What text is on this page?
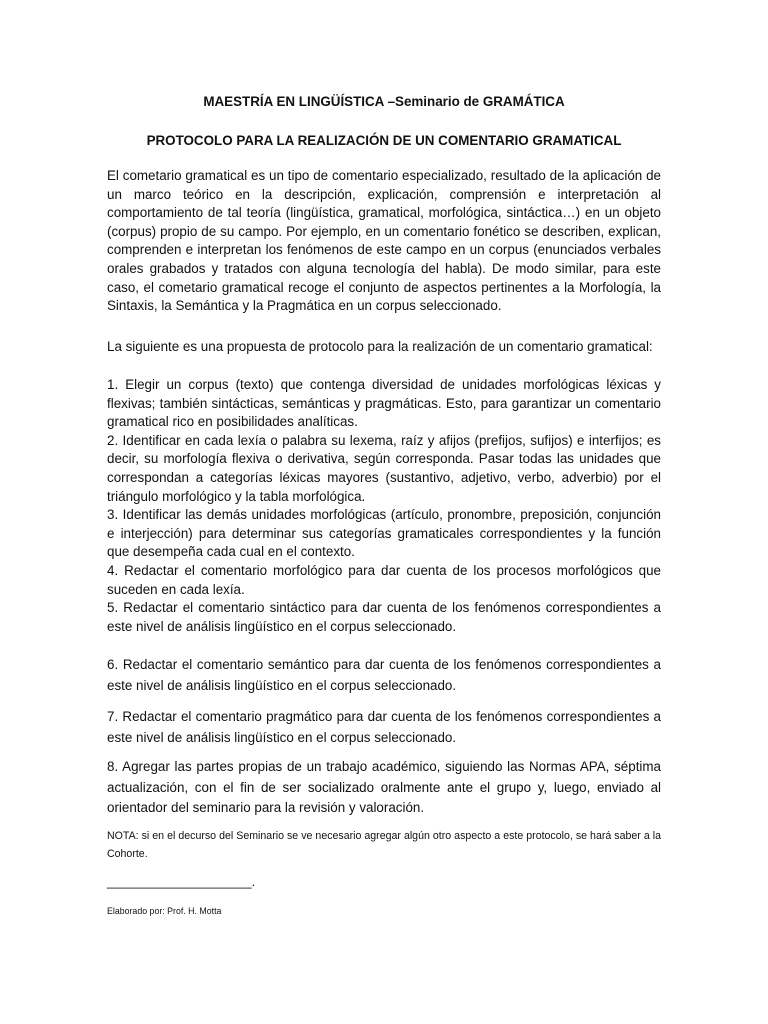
MAESTRÍA EN LINGÜÍSTICA –Seminario de GRAMÁTICA
PROTOCOLO PARA LA REALIZACIÓN DE UN COMENTARIO GRAMATICAL

El cometario gramatical es un tipo de comentario especializado, resultado de la aplicación de un marco teórico en la descripción, explicación, comprensión e interpretación al comportamiento de tal teoría (lingüística, gramatical, morfológica, sintáctica…) en un objeto (corpus) propio de su campo. Por ejemplo, en un comentario fonético se describen, explican, comprenden e interpretan los fenómenos de este campo en un corpus (enunciados verbales orales grabados y tratados con alguna tecnología del habla). De modo similar, para este caso, el cometario gramatical recoge el conjunto de aspectos pertinentes a la Morfología, la Sintaxis, la Semántica y la Pragmática en un corpus seleccionado.

La siguiente es una propuesta de protocolo para la realización de un comentario gramatical:

1. Elegir un corpus (texto) que contenga diversidad de unidades morfológicas léxicas y flexivas; también sintácticas, semánticas y pragmáticas. Esto, para garantizar un comentario gramatical rico en posibilidades analíticas.

2. Identificar en cada lexía o palabra su lexema, raíz y afijos (prefijos, sufijos) e interfijos; es decir, su morfología flexiva o derivativa, según corresponda. Pasar todas las unidades que correspondan a categorías léxicas mayores (sustantivo, adjetivo, verbo, adverbio) por el triángulo morfológico y la tabla morfológica.

3. Identificar las demás unidades morfológicas (artículo, pronombre, preposición, conjunción e interjección) para determinar sus categorías gramaticales correspondientes y la función que desempeña cada cual en el contexto.

4. Redactar el comentario morfológico para dar cuenta de los procesos morfológicos que suceden en cada lexía.

5. Redactar el comentario sintáctico para dar cuenta de los fenómenos correspondientes a este nivel de análisis lingüístico en el corpus seleccionado.

6. Redactar el comentario semántico para dar cuenta de los fenómenos correspondientes a este nivel de análisis lingüístico en el corpus seleccionado.

7. Redactar el comentario pragmático para dar cuenta de los fenómenos correspondientes a este nivel de análisis lingüístico en el corpus seleccionado.

8. Agregar las partes propias de un trabajo académico, siguiendo las Normas APA, séptima actualización, con el fin de ser socializado oralmente ante el grupo y, luego, enviado al orientador del seminario para la revisión y valoración.

NOTA: si en el decurso del Seminario se ve necesario agregar algún otro aspecto a este protocolo, se hará saber a la Cohorte.

____________________.

Elaborado por: Prof. H. Motta
